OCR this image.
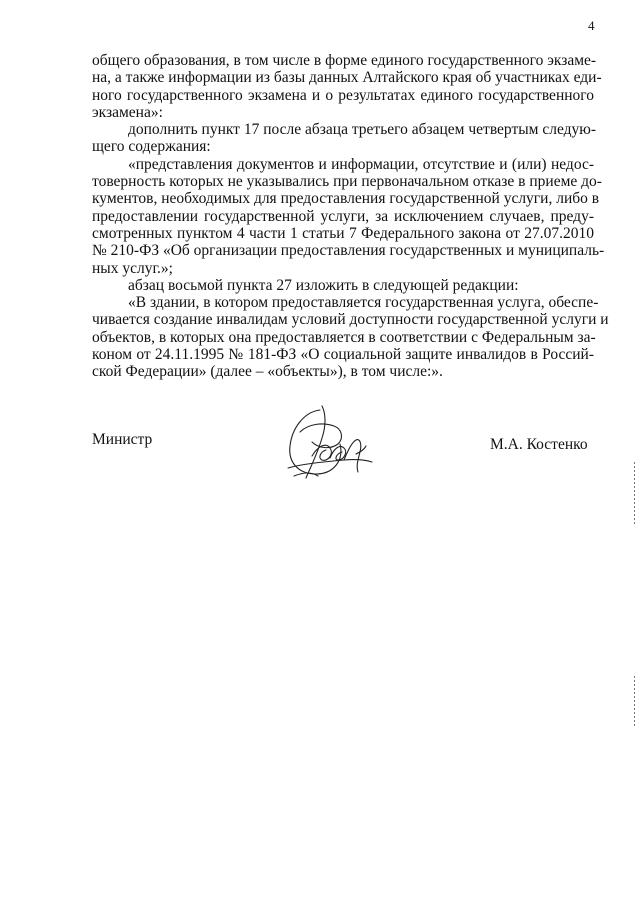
4
общего образования, в том числе в форме единого государственного экзаме-
на, а также информации из базы данных Алтайского края об участниках еди-
ного государственного экзамена и о результатах единого государственного
экзамена»:
дополнить пункт 17 после абзаца третьего абзацем четвертым следую-
щего содержания:
«представления документов и информации, отсутствие и (или) недос-
товерность которых не указывались при первоначальном отказе в приеме до-
кументов, необходимых для предоставления государственной услуги, либо в
предоставлении государственной услуги, за исключением случаев, преду-
смотренных пунктом 4 части 1 статьи 7 Федерального закона от 27.07.2010
№ 210-ФЗ «Об организации предоставления государственных и муниципаль-
ных услуг.»;
абзац восьмой пункта 27 изложить в следующей редакции:
«В здании, в котором предоставляется государственная услуга, обеспе-
чивается создание инвалидам условий доступности государственной услуги и
объектов, в которых она предоставляется в соответствии с Федеральным за-
коном от 24.11.1995 № 181-ФЗ «О социальной защите инвалидов в Россий-
ской Федерации» (далее – «объекты»), в том числе:».
Министр	М.А. Костенко
